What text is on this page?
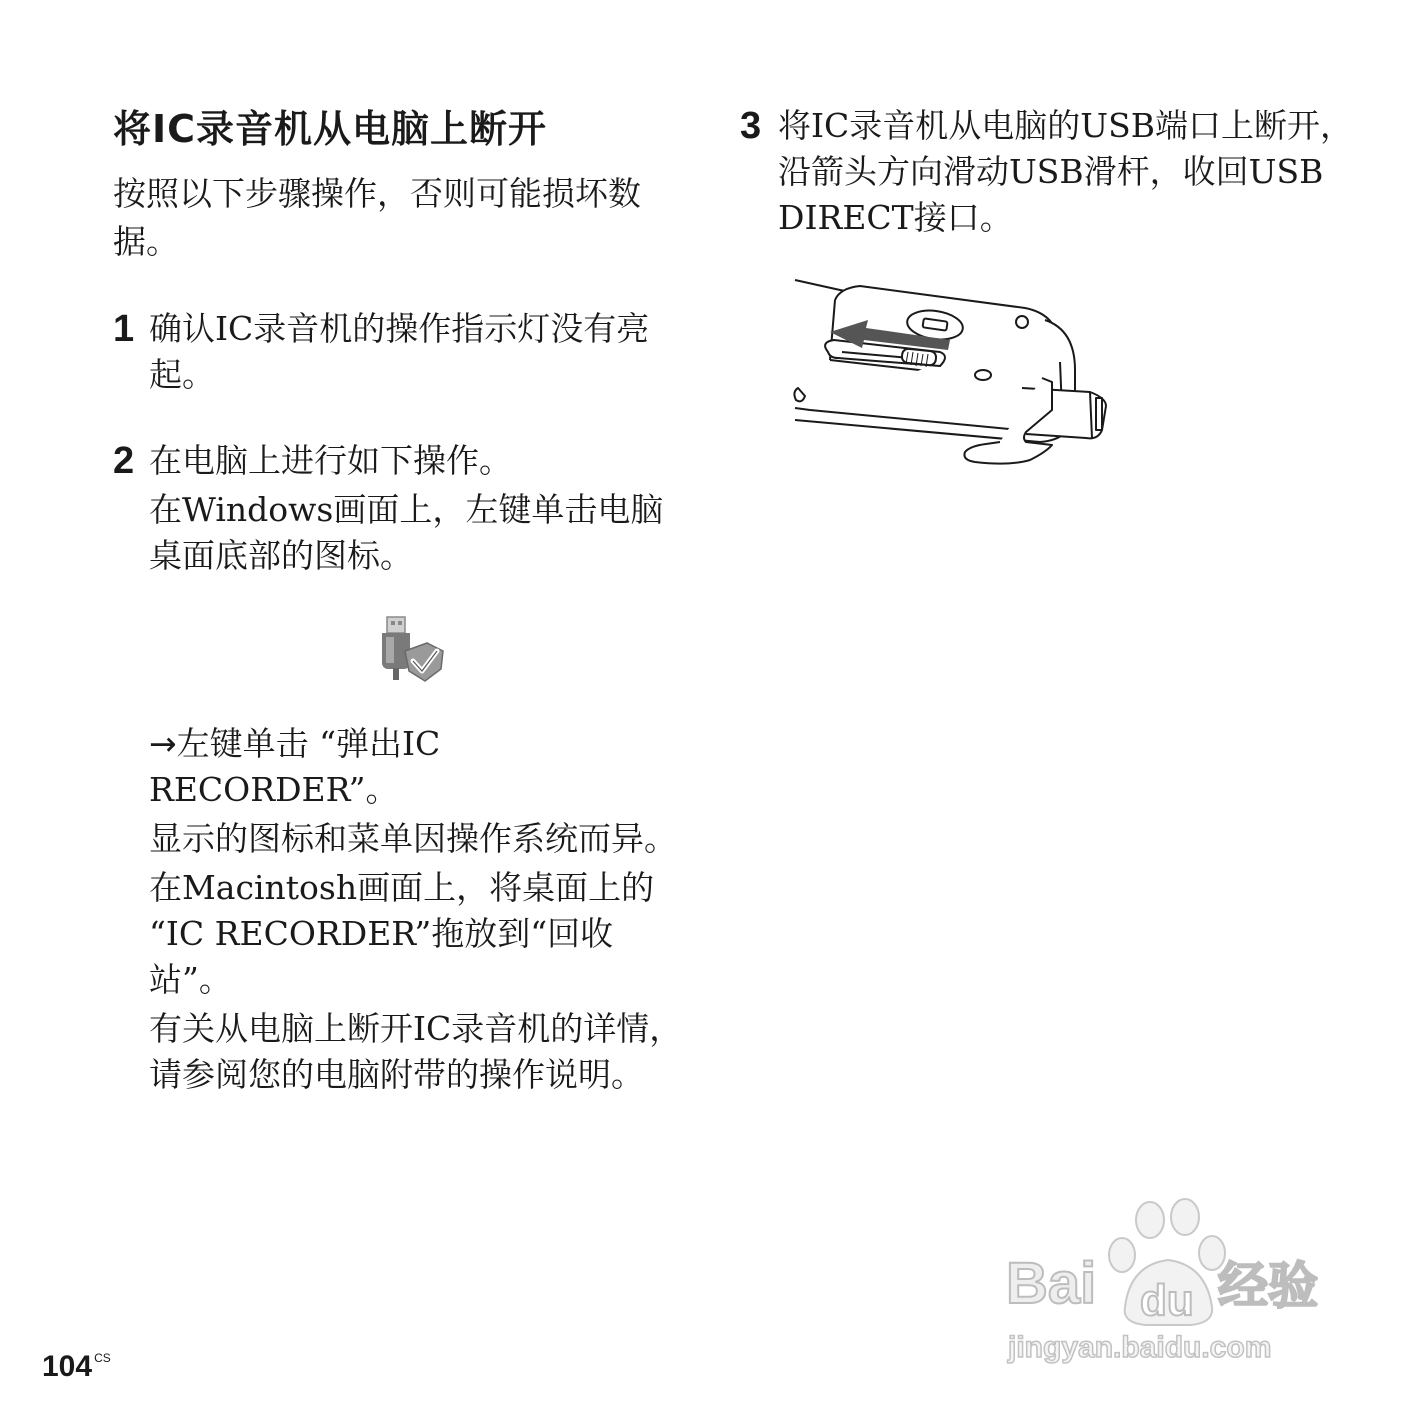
将IC录音机从电脑上断开

按照以下步骤操作，否则可能损坏数据。

1 确认IC录音机的操作指示灯没有亮起。

2 在电脑上进行如下操作。

在Windows画面上，左键单击电脑桌面底部的图标。

→左键单击 “弹出IC
RECORDER”。

显示的图标和菜单因操作系统而异。

在Macintosh画面上，将桌面上的 “IC RECORDER”拖放到“回收站”。

有关从电脑上断开IC录音机的详情，请参阅您的电脑附带的操作说明。

3 将IC录音机从电脑的USB端口上断开，沿箭头方向滑动USB滑杆，收回USB DIRECT接口。

104 $^{CS}$
Bai du 经验
jingyan.baidu.com
